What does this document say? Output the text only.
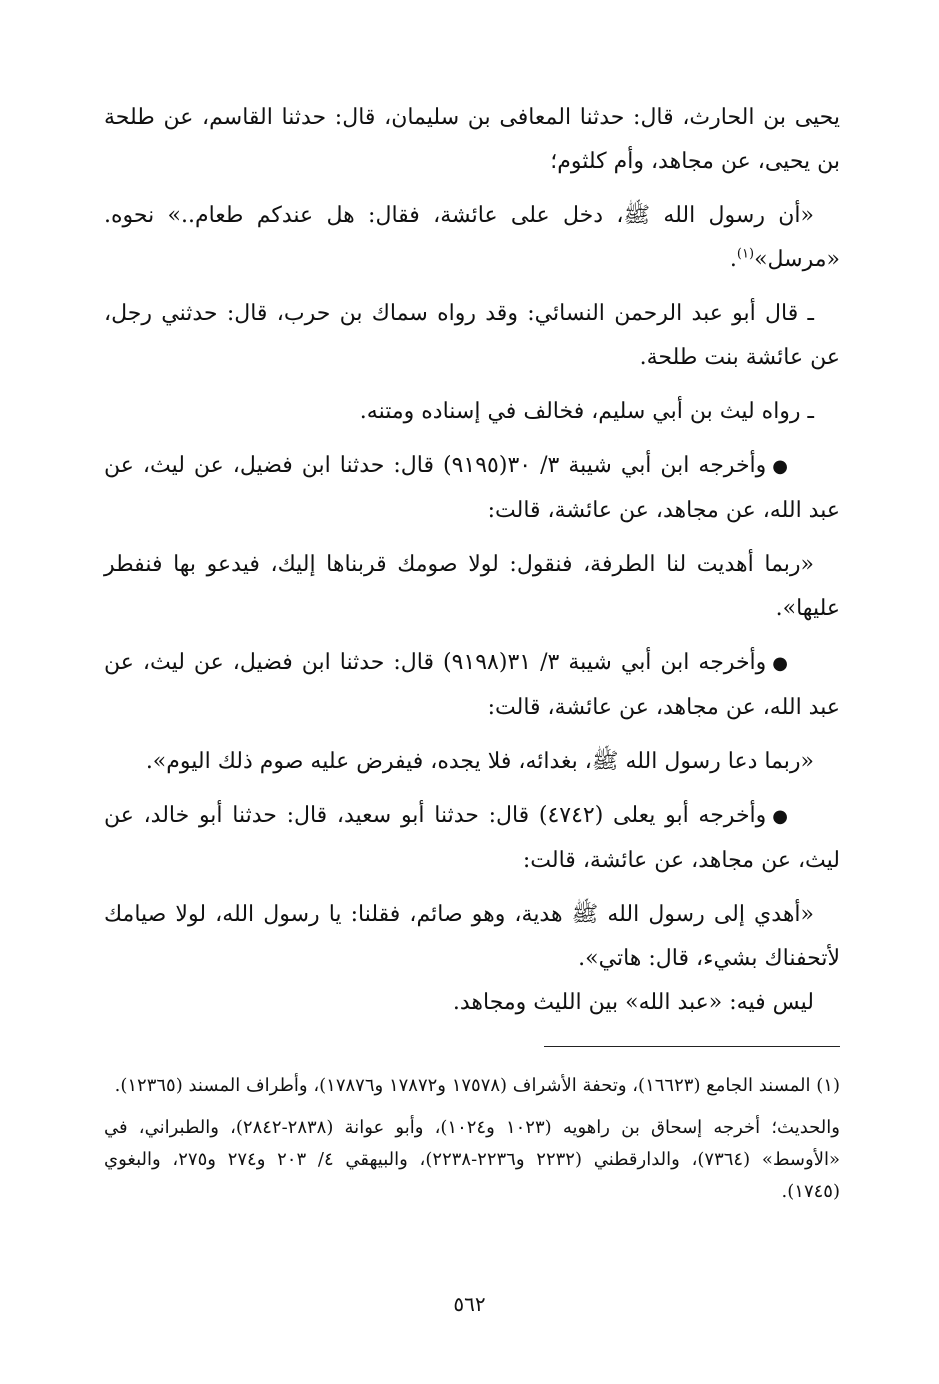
يحيى بن الحارث، قال: حدثنا المعافى بن سليمان، قال: حدثنا القاسم، عن طلحة بن يحيى، عن مجاهد، وأم كلثوم؛

«أن رسول الله ﷺ، دخل على عائشة، فقال: هل عندكم طعام..» نحوه. «مرسل»$^{(١)}$.

ـ قال أبو عبد الرحمن النسائي: وقد رواه سماك بن حرب، قال: حدثني رجل، عن عائشة بنت طلحة.

ـ رواه ليث بن أبي سليم، فخالف في إسناده ومتنه.

●وأخرجه ابن أبي شيبة ٣/ ٣٠(٩١٩٥) قال: حدثنا ابن فضيل، عن ليث، عن عبد الله، عن مجاهد، عن عائشة، قالت:

«ربما أهديت لنا الطرفة، فنقول: لولا صومك قربناها إليك، فيدعو بها فنفطر عليها».

●وأخرجه ابن أبي شيبة ٣/ ٣١(٩١٩٨) قال: حدثنا ابن فضيل، عن ليث، عن عبد الله، عن مجاهد، عن عائشة، قالت:

«ربما دعا رسول الله ﷺ، بغدائه، فلا يجده، فيفرض عليه صوم ذلك اليوم».

●وأخرجه أبو يعلى (٤٧٤٢) قال: حدثنا أبو سعيد، قال: حدثنا أبو خالد، عن ليث، عن مجاهد، عن عائشة، قالت:

«أهدي إلى رسول الله ﷺ هدية، وهو صائم، فقلنا: يا رسول الله، لولا صيامك لأتحفناك بشيء، قال: هاتي».

ليس فيه: «عبد الله» بين الليث ومجاهد.

(١) المسند الجامع (١٦٦٢٣)، وتحفة الأشراف (١٧٥٧٨ و١٧٨٧٢ و١٧٨٧٦)، وأطراف المسند (١٢٣٦٥).

والحديث؛ أخرجه إسحاق بن راهويه (١٠٢٣ و١٠٢٤)، وأبو عوانة (٢٨٣٨-٢٨٤٢)، والطبراني، في «الأوسط» (٧٣٦٤)، والدارقطني (٢٢٣٢ و٢٢٣٦-٢٢٣٨)، والبيهقي ٤/ ٢٠٣ و٢٧٤ و٢٧٥، والبغوي (١٧٤٥).

٥٦٢
